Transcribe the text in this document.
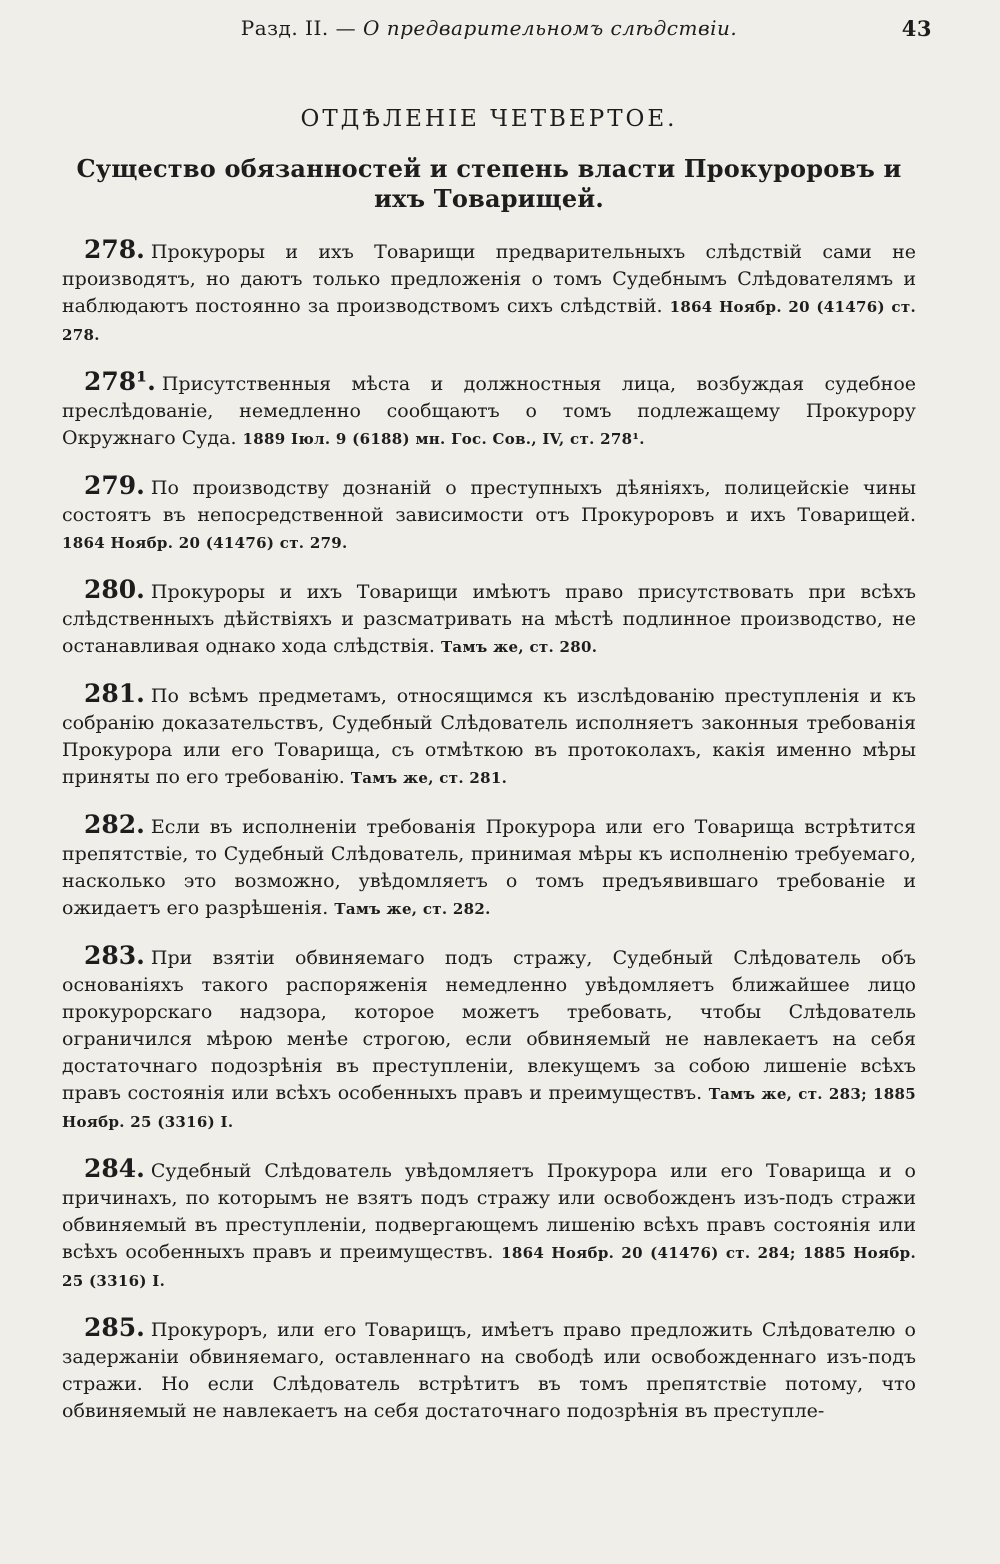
Разд. II. — О предварительномъ слѣдствіи.	43
ОТДѢЛЕНІЕ ЧЕТВЕРТОЕ.
Существо обязанностей и степень власти Прокуроровъ и ихъ Товарищей.

278. Прокуроры и ихъ Товарищи предварительныхъ слѣдствій сами не производятъ, но даютъ только предложенія о томъ Судебнымъ Слѣдователямъ и наблюдаютъ постоянно за производствомъ сихъ слѣдствій. 1864 Ноябр. 20 (41476) ст. 278.

278¹. Присутственныя мѣста и должностныя лица, возбуждая судебное преслѣдованіе, немедленно сообщаютъ о томъ подлежащему Прокурору Окружнаго Суда. 1889 Іюл. 9 (6188) мн. Гос. Сов., IV, ст. 278¹.

279. По производству дознаній о преступныхъ дѣяніяхъ, полицейскіе чины состоятъ въ непосредственной зависимости отъ Прокуроровъ и ихъ Товарищей. 1864 Ноябр. 20 (41476) ст. 279.

280. Прокуроры и ихъ Товарищи имѣютъ право присутствовать при всѣхъ слѣдственныхъ дѣйствіяхъ и разсматривать на мѣстѣ подлинное производство, не останавливая однако хода слѣдствія. Тамъ же, ст. 280.

281. По всѣмъ предметамъ, относящимся къ изслѣдованію преступленія и къ собранію доказательствъ, Судебный Слѣдователь исполняетъ законныя требованія Прокурора или его Товарища, съ отмѣткою въ протоколахъ, какія именно мѣры приняты по его требованію. Тамъ же, ст. 281.

282. Если въ исполненіи требованія Прокурора или его Товарища встрѣтится препятствіе, то Судебный Слѣдователь, принимая мѣры къ исполненію требуемаго, насколько это возможно, увѣдомляетъ о томъ предъявившаго требованіе и ожидаетъ его разрѣшенія. Тамъ же, ст. 282.

283. При взятіи обвиняемаго подъ стражу, Судебный Слѣдователь объ основаніяхъ такого распоряженія немедленно увѣдомляетъ ближайшее лицо прокурорскаго надзора, которое можетъ требовать, чтобы Слѣдователь ограничился мѣрою менѣе строгою, если обвиняемый не навлекаетъ на себя достаточнаго подозрѣнія въ преступленіи, влекущемъ за собою лишеніе всѣхъ правъ состоянія или всѣхъ особенныхъ правъ и преимуществъ. Тамъ же, ст. 283; 1885 Ноябр. 25 (3316) I.

284. Судебный Слѣдователь увѣдомляетъ Прокурора или его Товарища и о причинахъ, по которымъ не взятъ подъ стражу или освобожденъ изъ-подъ стражи обвиняемый въ преступленіи, подвергающемъ лишенію всѣхъ правъ состоянія или всѣхъ особенныхъ правъ и преимуществъ. 1864 Ноябр. 20 (41476) ст. 284; 1885 Ноябр. 25 (3316) I.

285. Прокуроръ, или его Товарищъ, имѣетъ право предложить Слѣдователю о задержаніи обвиняемаго, оставленнаго на свободѣ или освобожденнаго изъ-подъ стражи. Но если Слѣдователь встрѣтитъ въ томъ препятствіе потому, что обвиняемый не навлекаетъ на себя достаточнаго подозрѣнія въ преступле-
